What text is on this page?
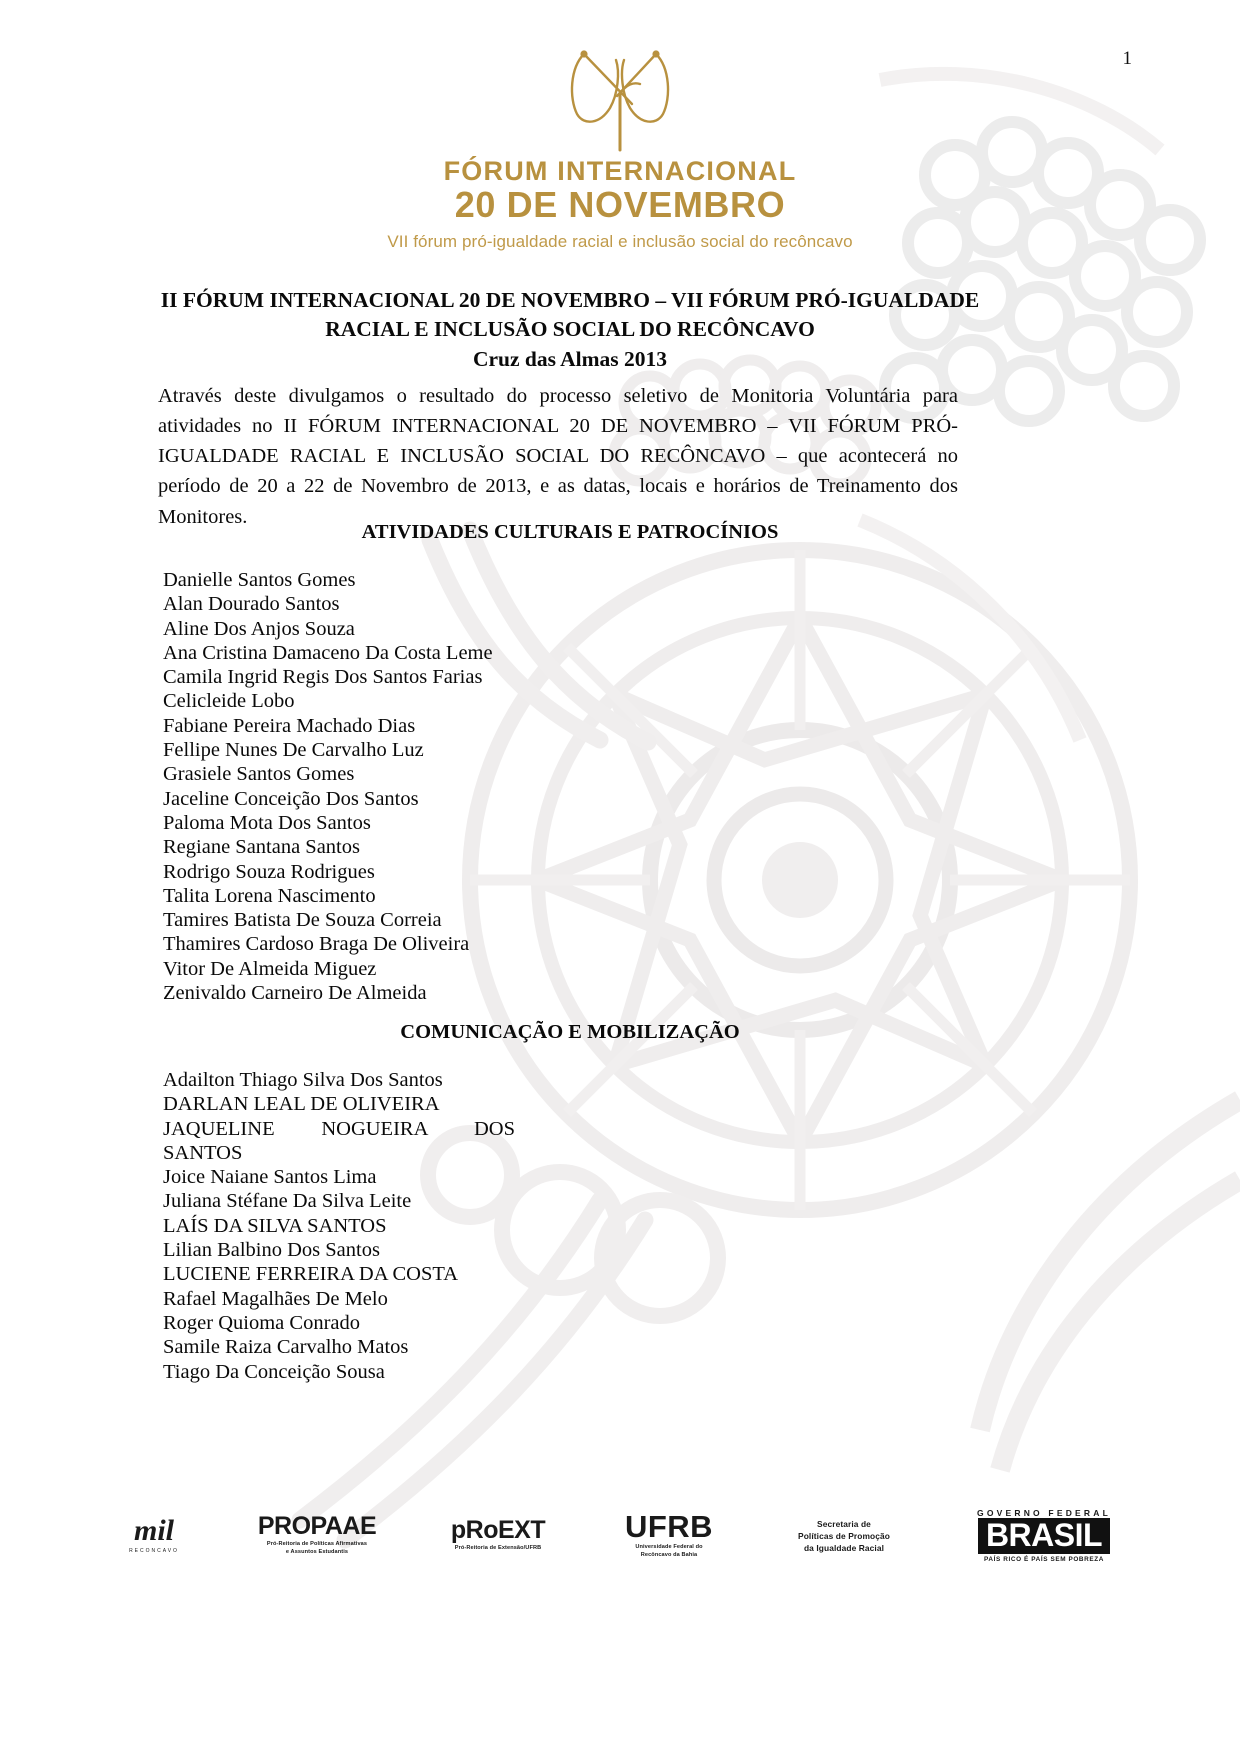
1
FÓRUM INTERNACIONAL
20 DE NOVEMBRO
VII fórum pró-igualdade racial e inclusão social do recôncavo
II FÓRUM INTERNACIONAL 20 DE NOVEMBRO – VII FÓRUM PRÓ-IGUALDADE RACIAL E INCLUSÃO SOCIAL DO RECÔNCAVO
Cruz das Almas 2013

Através deste divulgamos o resultado do processo seletivo de Monitoria Voluntária para atividades no II FÓRUM INTERNACIONAL 20 DE NOVEMBRO – VII FÓRUM PRÓ-IGUALDADE RACIAL E INCLUSÃO SOCIAL DO RECÔNCAVO – que acontecerá no período de 20 a 22 de Novembro de 2013, e as datas, locais e horários de Treinamento dos Monitores.

ATIVIDADES CULTURAIS E PATROCÍNIOS
Danielle Santos Gomes
Alan Dourado Santos
Aline Dos Anjos Souza
Ana Cristina Damaceno Da Costa Leme
Camila Ingrid Regis Dos Santos Farias
Celicleide Lobo
Fabiane Pereira Machado Dias
Fellipe Nunes De Carvalho Luz
Grasiele Santos Gomes
Jaceline Conceição Dos Santos
Paloma Mota Dos Santos
Regiane Santana Santos
Rodrigo Souza Rodrigues
Talita Lorena Nascimento
Tamires Batista De Souza Correia
Thamires Cardoso Braga De Oliveira
Vitor De Almeida Miguez
Zenivaldo Carneiro De Almeida
COMUNICAÇÃO E MOBILIZAÇÃO
Adailton Thiago Silva Dos Santos
DARLAN LEAL DE OLIVEIRA
JAQUELINE NOGUEIRA DOS SANTOS
Joice Naiane Santos Lima
Juliana Stéfane Da Silva Leite
LAÍS DA SILVA SANTOS
Lilian Balbino Dos Santos
LUCIENE FERREIRA DA COSTA
Rafael Magalhães De Melo
Roger Quioma Conrado
Samile Raiza Carvalho Matos
Tiago Da Conceição Sousa
mil
RECONCAVO
PROPAAE
Pró-Reitoria de Políticas Afirmativas
e Assuntos Estudantis
pRoEXT
Pró-Reitoria de Extensão/UFRB
UFRB
Universidade Federal do
Recôncavo da Bahia
Secretaria de
Políticas de Promoção
da Igualdade Racial
GOVERNO FEDERAL
BRASIL
PAÍS RICO É PAÍS SEM POBREZA
